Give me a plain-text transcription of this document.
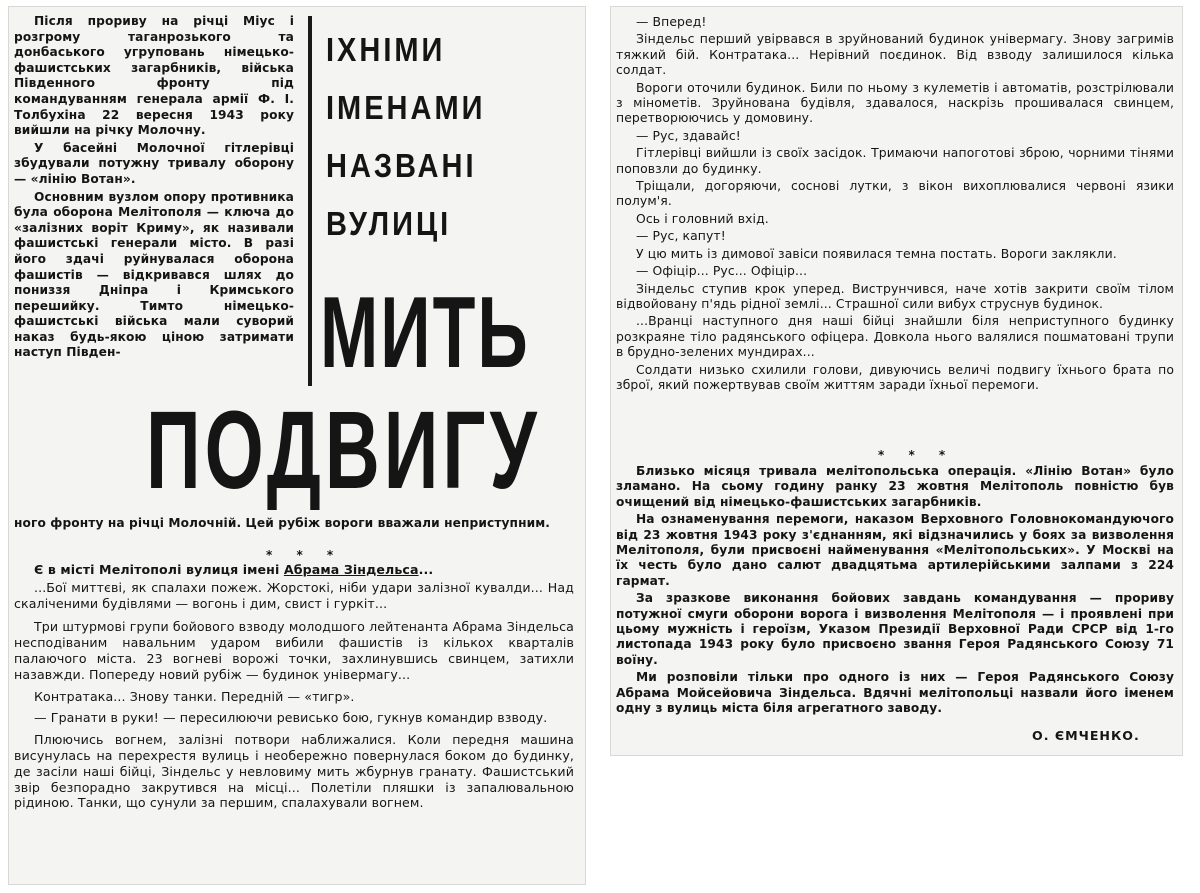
Після прориву на річці Міус і розгрому таганрозького та донбаського угруповань німецько-фашистських загарбників, війська Південного фронту під командуванням генерала армії Ф. І. Толбухіна 22 вересня 1943 року вийшли на річку Молочну.

У басейні Молочної гітлерівці збудували потужну тривалу оборону — «лінію Вотан».

Основним вузлом опору противника була оборона Мелітополя — ключа до «залізних воріт Криму», як називали фашистські генерали місто. В разі його здачі руйнувалася оборона фашистів — відкривався шлях до пониззя Дніпра і Кримського перешийку. Тимто німецько-фашистські війська мали суворий наказ будь-якою ціною затримати наступ Півден-

ІХНІМИ

ІМЕНАМИ

НАЗВАНІ

ВУЛИЦІ

МИТЬ

ПОДВИГУ

ного фронту на річці Молочній. Цей рубіж вороги вважали неприступним.

* * *

Є в місті Мелітополі вулиця імені Абрама Зіндельса...

...Бої миттєві, як спалахи пожеж. Жорстокі, ніби удари залізної кувалди... Над скаліченими будівлями — вогонь і дим, свист і гуркіт...

Три штурмові групи бойового взводу молодшого лейтенанта Абрама Зіндельса несподіваним навальним ударом вибили фашистів із кількох кварталів палаючого міста. 23 вогневі ворожі точки, захлинувшись свинцем, затихли назавжди. Попереду новий рубіж — будинок універмагу...

Контратака... Знову танки. Передній — «тигр».

— Гранати в руки! — пересилюючи ревисько бою, гукнув командир взводу.

Плюючись вогнем, залізні потвори наближалися. Коли передня машина висунулась на перехрестя вулиць і необережно повернулася боком до будинку, де засіли наші бійці, Зіндельс у невловиму мить жбурнув гранату. Фашистський звір безпорадно закрутився на місці... Полетіли пляшки із запалювальною рідиною. Танки, що сунули за першим, спалахували вогнем.

— Вперед!

Зіндельс перший увірвався в зруйнований будинок універмагу. Знову загримів тяжкий бій. Контратака... Нерівний поєдинок. Від взводу залишилося кілька солдат.

Вороги оточили будинок. Били по ньому з кулеметів і автоматів, розстрілювали з мінометів. Зруйнована будівля, здавалося, наскрізь прошивалася свинцем, перетворюючись у домовину.

— Рус, здавайс!

Гітлерівці вийшли із своїх засідок. Тримаючи напоготові зброю, чорними тінями поповзли до будинку.

Тріщали, догоряючи, соснові лутки, з вікон вихоплювалися червоні язики полум'я.

Ось і головний вхід.

— Рус, капут!

У цю мить із димової завіси появилася темна постать. Вороги заклякли.

— Офіцір... Рус... Офіцір...

Зіндельс ступив крок уперед. Виструнчився, наче хотів закрити своїм тілом відвойовану п'ядь рідної землі... Страшної сили вибух струснув будинок.

...Вранці наступного дня наші бійці знайшли біля неприступного будинку розкраяне тіло радянського офіцера. Довкола нього валялися пошматовані трупи в брудно-зелених мундирах...

Солдати низько схилили голови, дивуючись величі подвигу їхнього брата по зброї, який пожертвував своїм життям заради їхньої перемоги.

* * *

Близько місяця тривала мелітопольська операція. «Лінію Вотан» було зламано. На сьому годину ранку 23 жовтня Мелітополь повністю був очищений від німецько-фашистських загарбників.

На ознаменування перемоги, наказом Верховного Головнокомандуючого від 23 жовтня 1943 року з'єднанням, які відзначились у боях за визволення Мелітополя, були присвоєні найменування «Мелітопольських». У Москві на їх честь було дано салют двадцятьма артилерійськими залпами з 224 гармат.

За зразкове виконання бойових завдань командування — прориву потужної смуги оборони ворога і визволення Мелітополя — і проявлені при цьому мужність і героїзм, Указом Президії Верховної Ради СРСР від 1-го листопада 1943 року було присвоєно звання Героя Радянського Союзу 71 воїну.

Ми розповіли тільки про одного із них — Героя Радянського Союзу Абрама Мойсейовича Зіндельса. Вдячні мелітопольці назвали його іменем одну з вулиць міста біля агрегатного заводу.

О. ЄМЧЕНКО.
